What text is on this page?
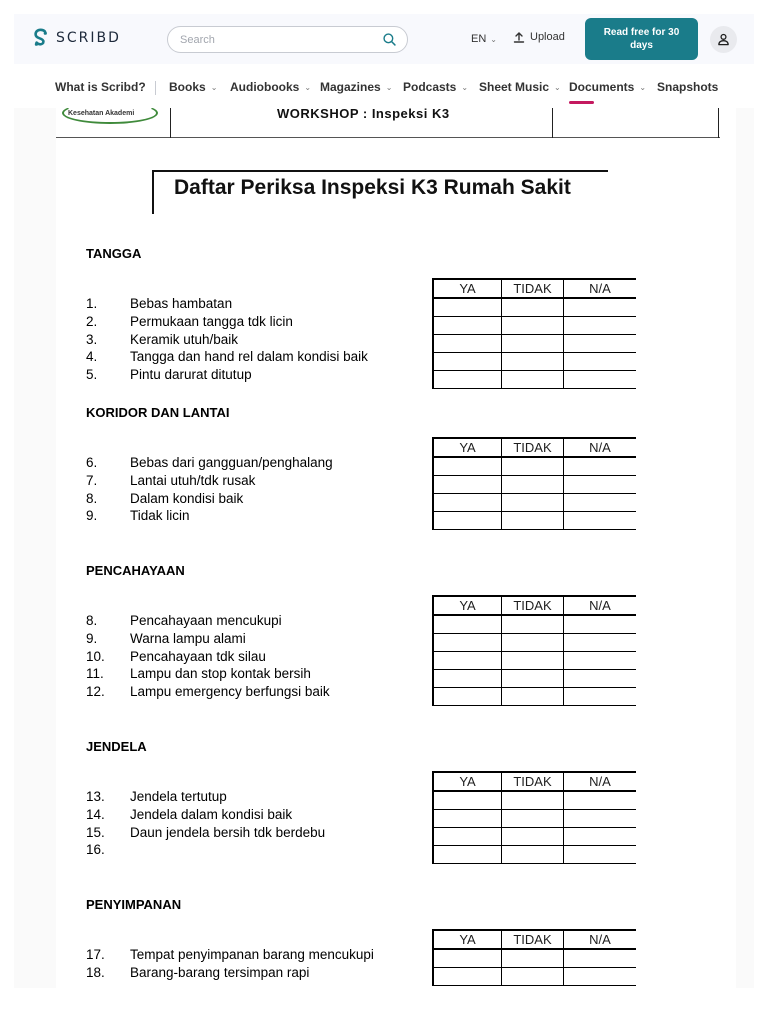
SCRIBD
Search	EN ⌄	Upload	Read free for 30 days
What is Scribd? Books ⌄ Audiobooks ⌄ Magazines ⌄ Podcasts ⌄ Sheet Music ⌄ Documents ⌄ Snapshots
Kesehatan Akademi	WORKSHOP : Inspeksi K3
Daftar Periksa Inspeksi K3 Rumah Sakit
TANGGA
1.	Bebas hambatan
2.	Permukaan tangga tdk licin
3.	Keramik utuh/baik
4.	Tangga dan hand rel dalam kondisi baik
5.	Pintu darurat ditutup
YA	TIDAK	N/A

KORIDOR DAN LANTAI
6.	Bebas dari gangguan/penghalang
7.	Lantai utuh/tdk rusak
8.	Dalam kondisi baik
9.	Tidak licin
YA	TIDAK	N/A

PENCAHAYAAN
8.	Pencahayaan mencukupi
9.	Warna lampu alami
10.	Pencahayaan tdk silau
11.	Lampu dan stop kontak bersih
12.	Lampu emergency berfungsi baik
YA	TIDAK	N/A

JENDELA
13.	Jendela tertutup
14.	Jendela dalam kondisi baik
15.	Daun jendela bersih tdk berdebu
16.
YA	TIDAK	N/A

PENYIMPANAN
17.	Tempat penyimpanan barang mencukupi
18.	Barang-barang tersimpan rapi
YA	TIDAK	N/A
